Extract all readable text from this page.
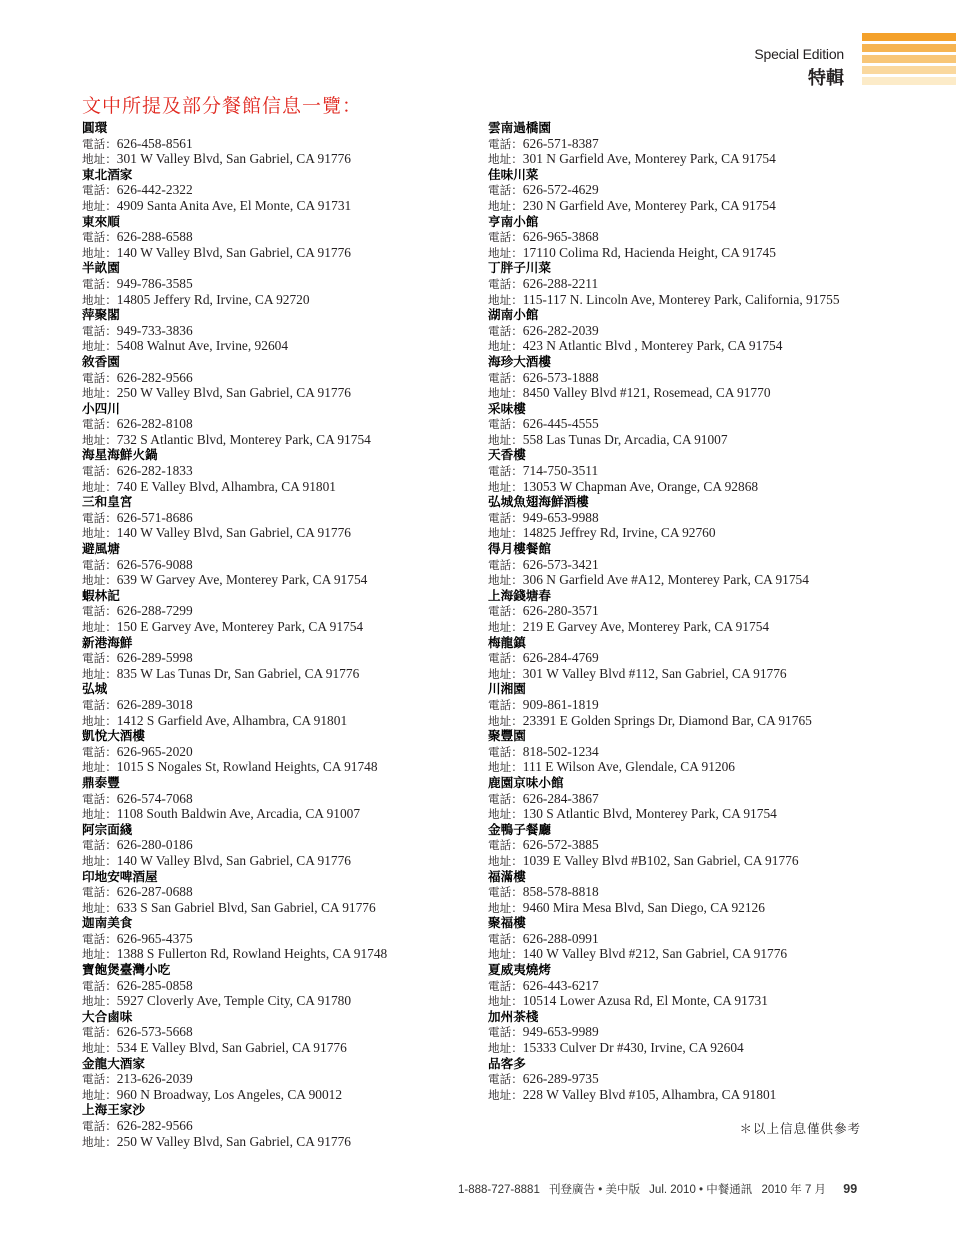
Special Edition
特輯
文中所提及部分餐館信息一覽：
圓環
電話：626-458-8561
地址：301 W Valley Blvd, San Gabriel, CA 91776
東北酒家
電話：626-442-2322
地址：4909 Santa Anita Ave, El Monte, CA 91731
東來順
電話：626-288-6588
地址：140 W Valley Blvd, San Gabriel, CA 91776
半畝園
電話：949-786-3585
地址：14805 Jeffery Rd, Irvine, CA 92720
萍聚閣
電話：949-733-3836
地址：5408 Walnut Ave, Irvine, 92604
敘香園
電話：626-282-9566
地址：250 W Valley Blvd, San Gabriel, CA 91776
小四川
電話：626-282-8108
地址：732 S Atlantic Blvd, Monterey Park, CA 91754
海星海鮮火鍋
電話：626-282-1833
地址：740 E Valley Blvd, Alhambra, CA 91801
三和皇宮
電話：626-571-8686
地址：140 W Valley Blvd, San Gabriel, CA 91776
避風塘
電話：626-576-9088
地址：639 W Garvey Ave, Monterey Park, CA 91754
蝦林記
電話：626-288-7299
地址：150 E Garvey Ave, Monterey Park, CA 91754
新港海鮮
電話：626-289-5998
地址：835 W Las Tunas Dr, San Gabriel, CA 91776
弘城
電話：626-289-3018
地址：1412 S Garfield Ave, Alhambra, CA 91801
凱悅大酒樓
電話：626-965-2020
地址：1015 S Nogales St, Rowland Heights, CA 91748
鼎泰豐
電話：626-574-7068
地址：1108 South Baldwin Ave, Arcadia, CA 91007
阿宗面綫
電話：626-280-0186
地址：140 W Valley Blvd, San Gabriel, CA 91776
印地安啤酒屋
電話：626-287-0688
地址：633 S San Gabriel Blvd, San Gabriel, CA 91776
迦南美食
電話：626-965-4375
地址：1388 S Fullerton Rd, Rowland Heights, CA 91748
寶飽煲臺灣小吃
電話：626-285-0858
地址：5927 Cloverly Ave, Temple City, CA 91780
大合鹵味
電話：626-573-5668
地址：534 E Valley Blvd, San Gabriel, CA 91776
金龍大酒家
電話：213-626-2039
地址：960 N Broadway, Los Angeles, CA 90012
上海王家沙
電話：626-282-9566
地址：250 W Valley Blvd, San Gabriel, CA 91776
雲南過橋園
電話：626-571-8387
地址：301 N Garfield Ave, Monterey Park, CA 91754
佳味川菜
電話：626-572-4629
地址：230 N Garfield Ave, Monterey Park, CA 91754
亨南小館
電話：626-965-3868
地址：17110 Colima Rd, Hacienda Height, CA 91745
丁胖子川菜
電話：626-288-2211
地址：115-117 N. Lincoln Ave, Monterey Park, California, 91755
湖南小館
電話：626-282-2039
地址：423 N Atlantic Blvd , Monterey Park, CA 91754
海珍大酒樓
電話：626-573-1888
地址：8450 Valley Blvd #121, Rosemead, CA 91770
采味樓
電話：626-445-4555
地址：558 Las Tunas Dr, Arcadia, CA 91007
天香樓
電話：714-750-3511
地址：13053 W Chapman Ave, Orange, CA 92868
弘城魚翅海鮮酒樓
電話：949-653-9988
地址：14825 Jeffrey Rd, Irvine, CA 92760
得月樓餐館
電話：626-573-3421
地址：306 N Garfield Ave #A12, Monterey Park, CA 91754
上海錢塘春
電話：626-280-3571
地址：219 E Garvey Ave, Monterey Park, CA 91754
梅龍鎮
電話：626-284-4769
地址：301 W Valley Blvd #112, San Gabriel, CA 91776
川湘園
電話：909-861-1819
地址：23391 E Golden Springs Dr, Diamond Bar, CA 91765
聚豐園
電話：818-502-1234
地址：111 E Wilson Ave, Glendale, CA 91206
鹿園京味小館
電話：626-284-3867
地址：130 S Atlantic Blvd, Monterey Park, CA 91754
金鴨子餐廳
電話：626-572-3885
地址：1039 E Valley Blvd #B102, San Gabriel, CA 91776
福滿樓
電話：858-578-8818
地址：9460 Mira Mesa Blvd, San Diego, CA 92126
聚福樓
電話：626-288-0991
地址：140 W Valley Blvd #212, San Gabriel, CA 91776
夏威夷燒烤
電話：626-443-6217
地址：10514 Lower Azusa Rd, El Monte, CA 91731
加州茶棧
電話：949-653-9989
地址：15333 Culver Dr #430, Irvine, CA 92604
品客多
電話：626-289-9735
地址：228 W Valley Blvd #105, Alhambra, CA 91801
＊以上信息僅供參考
1-888-727-8881 刊登廣告 • 美中版 Jul. 2010 • 中餐通訊 2010 年 7 月 99
